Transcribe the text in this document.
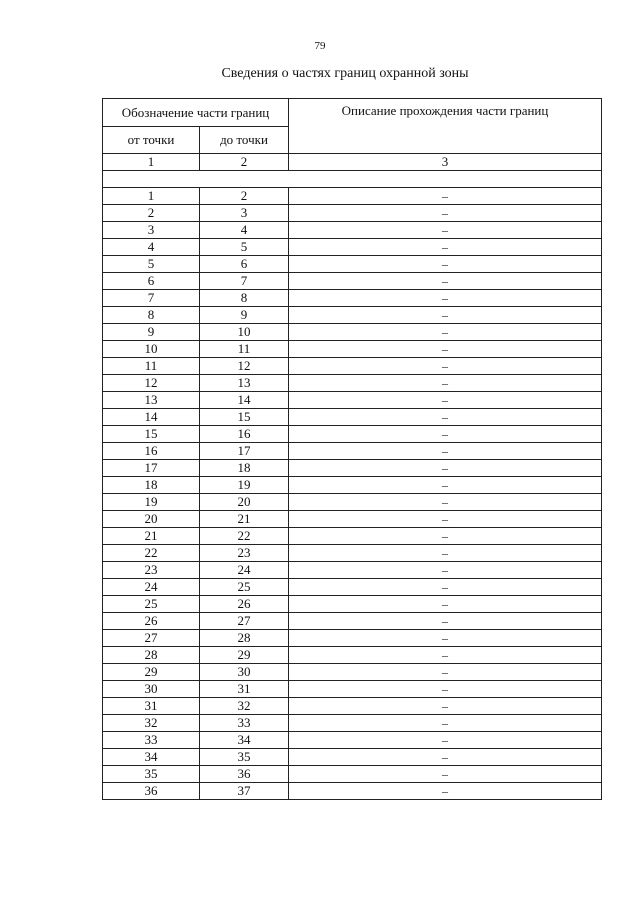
79
Сведения о частях границ охранной зоны
Обозначение части границ		Описание прохождения части границ
от точки	до точки	
1	2	3

1	2	–
2	3	–
3	4	–
4	5	–
5	6	–
6	7	–
7	8	–
8	9	–
9	10	–
10	11	–
11	12	–
12	13	–
13	14	–
14	15	–
15	16	–
16	17	–
17	18	–
18	19	–
19	20	–
20	21	–
21	22	–
22	23	–
23	24	–
24	25	–
25	26	–
26	27	–
27	28	–
28	29	–
29	30	–
30	31	–
31	32	–
32	33	–
33	34	–
34	35	–
35	36	–
36	37	–
